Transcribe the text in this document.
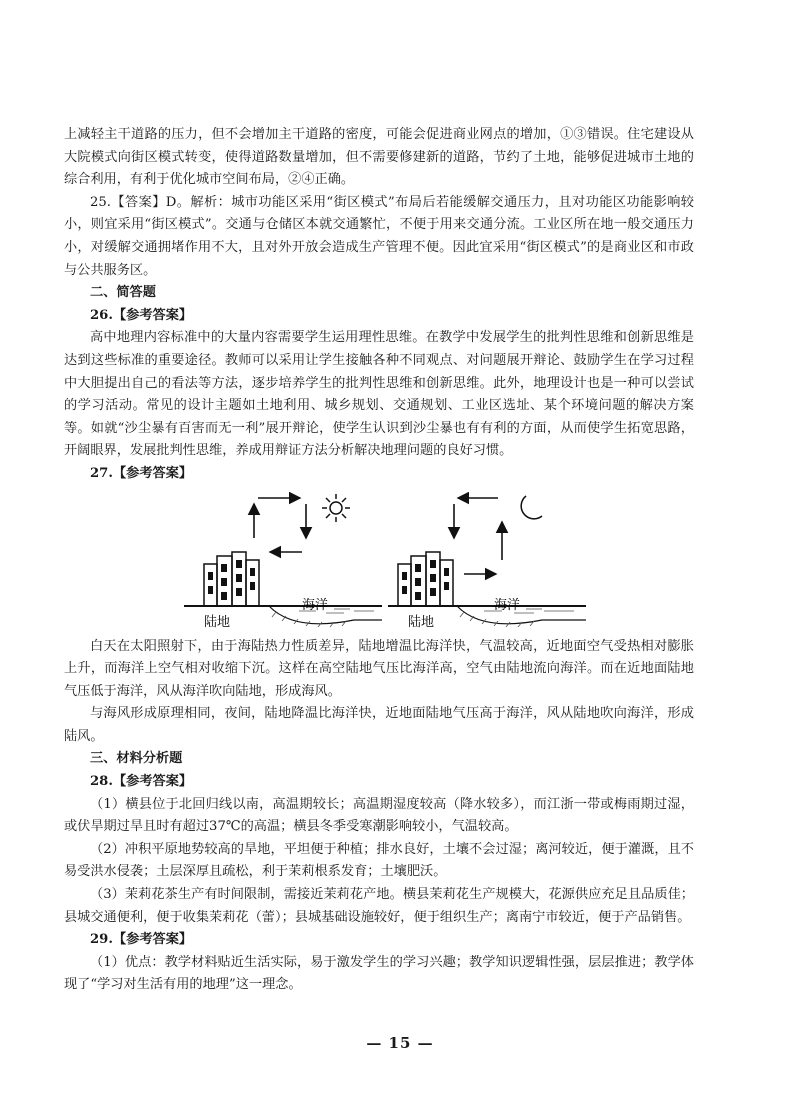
上减轻主干道路的压力，但不会增加主干道路的密度，可能会促进商业网点的增加，①③错误。住宅建设从大院模式向街区模式转变，使得道路数量增加，但不需要修建新的道路，节约了土地，能够促进城市土地的综合利用，有利于优化城市空间布局，②④正确。

25.【答案】D。解析：城市功能区采用“街区模式”布局后若能缓解交通压力，且对功能区功能影响较小，则宜采用“街区模式”。交通与仓储区本就交通繁忙，不便于用来交通分流。工业区所在地一般交通压力小，对缓解交通拥堵作用不大，且对外开放会造成生产管理不便。因此宜采用“街区模式”的是商业区和市政与公共服务区。

二、简答题

26.【参考答案】

高中地理内容标准中的大量内容需要学生运用理性思维。在教学中发展学生的批判性思维和创新思维是达到这些标准的重要途径。教师可以采用让学生接触各种不同观点、对问题展开辩论、鼓励学生在学习过程中大胆提出自己的看法等方法，逐步培养学生的批判性思维和创新思维。此外，地理设计也是一种可以尝试的学习活动。常见的设计主题如土地利用、城乡规划、交通规划、工业区选址、某个环境问题的解决方案等。如就“沙尘暴有百害而无一利”展开辩论，使学生认识到沙尘暴也有有利的方面，从而使学生拓宽思路，开阔眼界，发展批判性思维，养成用辩证方法分析解决地理问题的良好习惯。

27.【参考答案】

陆地
海洋
陆地
海洋

白天在太阳照射下，由于海陆热力性质差异，陆地增温比海洋快，气温较高，近地面空气受热相对膨胀上升，而海洋上空气相对收缩下沉。这样在高空陆地气压比海洋高，空气由陆地流向海洋。而在近地面陆地气压低于海洋，风从海洋吹向陆地，形成海风。

与海风形成原理相同，夜间，陆地降温比海洋快，近地面陆地气压高于海洋，风从陆地吹向海洋，形成陆风。

三、材料分析题

28.【参考答案】

（1）横县位于北回归线以南，高温期较长；高温期湿度较高（降水较多），而江浙一带或梅雨期过湿，或伏旱期过旱且时有超过37℃的高温；横县冬季受寒潮影响较小，气温较高。

（2）冲积平原地势较高的旱地，平坦便于种植；排水良好，土壤不会过湿；离河较近，便于灌溉，且不易受洪水侵袭；土层深厚且疏松，利于茉莉根系发育；土壤肥沃。

（3）茉莉花茶生产有时间限制，需接近茉莉花产地。横县茉莉花生产规模大，花源供应充足且品质佳；县城交通便利，便于收集茉莉花（蕾）；县城基础设施较好，便于组织生产；离南宁市较近，便于产品销售。

29.【参考答案】

（1）优点：教学材料贴近生活实际，易于激发学生的学习兴趣；教学知识逻辑性强，层层推进；教学体现了“学习对生活有用的地理”这一理念。

— 15 —
